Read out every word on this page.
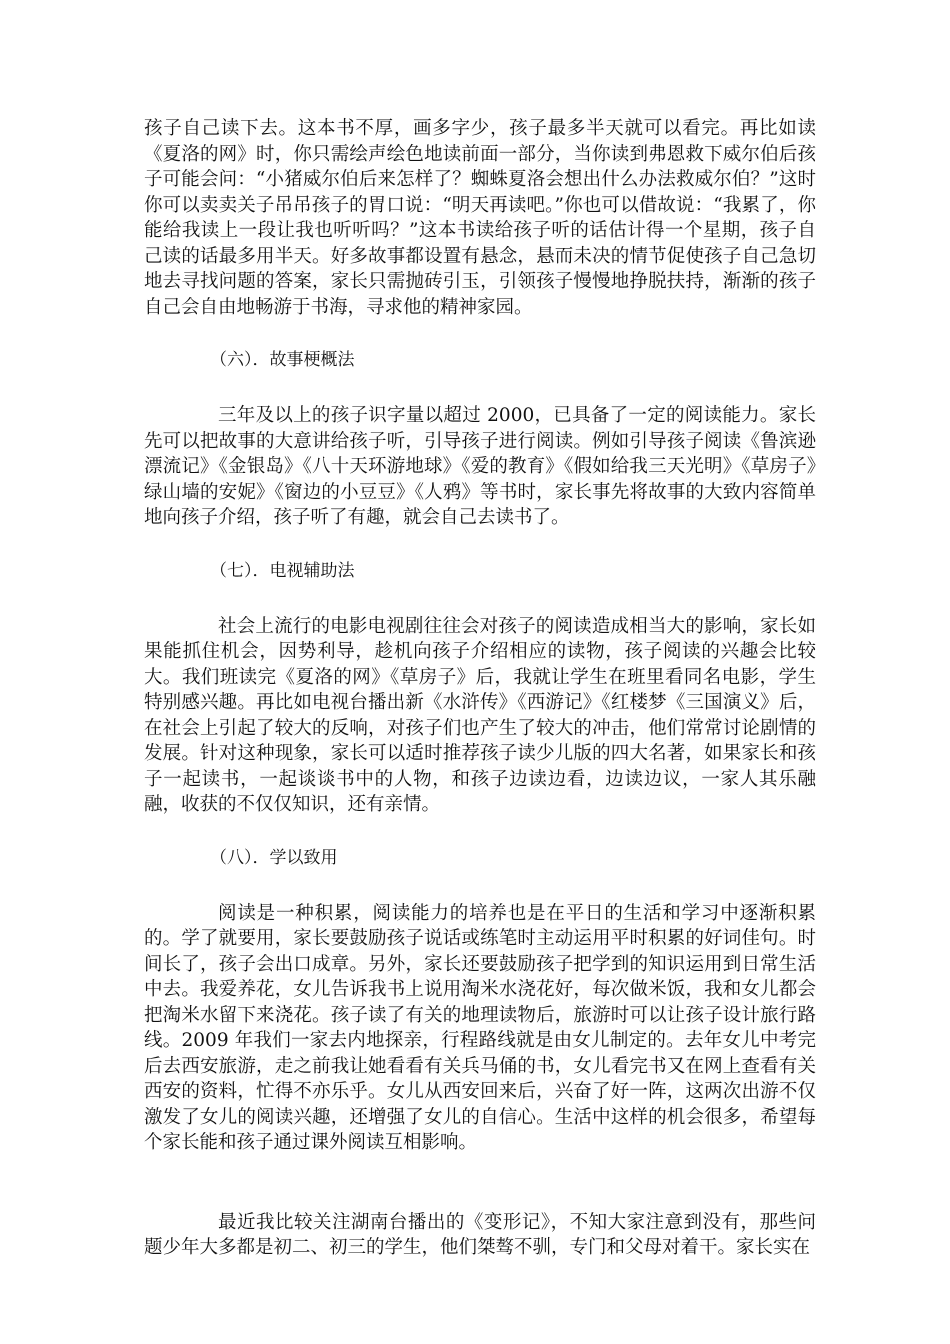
孩子自己读下去。这本书不厚，画多字少，孩子最多半天就可以看完。再比如读《夏洛的网》时，你只需绘声绘色地读前面一部分，当你读到弗恩救下威尔伯后孩子可能会问：“小猪威尔伯后来怎样了？蜘蛛夏洛会想出什么办法救威尔伯？”这时你可以卖卖关子吊吊孩子的胃口说：“明天再读吧。”你也可以借故说：“我累了，你能给我读上一段让我也听听吗？”这本书读给孩子听的话估计得一个星期，孩子自己读的话最多用半天。好多故事都设置有悬念，悬而未决的情节促使孩子自己急切地去寻找问题的答案，家长只需抛砖引玉，引领孩子慢慢地挣脱扶持，渐渐的孩子自己会自由地畅游于书海，寻求他的精神家园。

（六）．故事梗概法

三年及以上的孩子识字量以超过 2000，已具备了一定的阅读能力。家长先可以把故事的大意讲给孩子听，引导孩子进行阅读。例如引导孩子阅读《鲁滨逊漂流记》《金银岛》《八十天环游地球》《爱的教育》《假如给我三天光明》《草房子》绿山墙的安妮》《窗边的小豆豆》《人鸦》等书时，家长事先将故事的大致内容简单地向孩子介绍，孩子听了有趣，就会自己去读书了。

（七）．电视辅助法

社会上流行的电影电视剧往往会对孩子的阅读造成相当大的影响，家长如果能抓住机会，因势利导，趁机向孩子介绍相应的读物，孩子阅读的兴趣会比较大。我们班读完《夏洛的网》《草房子》后，我就让学生在班里看同名电影，学生特别感兴趣。再比如电视台播出新《水浒传》《西游记》《红楼梦《三国演义》后，在社会上引起了较大的反响，对孩子们也产生了较大的冲击，他们常常讨论剧情的发展。针对这种现象，家长可以适时推荐孩子读少儿版的四大名著，如果家长和孩子一起读书，一起谈谈书中的人物，和孩子边读边看，边读边议，一家人其乐融融，收获的不仅仅知识，还有亲情。

（八）．学以致用

阅读是一种积累，阅读能力的培养也是在平日的生活和学习中逐渐积累的。学了就要用，家长要鼓励孩子说话或练笔时主动运用平时积累的好词佳句。时间长了，孩子会出口成章。另外，家长还要鼓励孩子把学到的知识运用到日常生活中去。我爱养花，女儿告诉我书上说用淘米水浇花好，每次做米饭，我和女儿都会把淘米水留下来浇花。孩子读了有关的地理读物后，旅游时可以让孩子设计旅行路线。2009 年我们一家去内地探亲，行程路线就是由女儿制定的。去年女儿中考完后去西安旅游，走之前我让她看看有关兵马俑的书，女儿看完书又在网上查看有关西安的资料，忙得不亦乐乎。女儿从西安回来后，兴奋了好一阵，这两次出游不仅激发了女儿的阅读兴趣，还增强了女儿的自信心。生活中这样的机会很多，希望每个家长能和孩子通过课外阅读互相影响。

最近我比较关注湖南台播出的《变形记》，不知大家注意到没有，那些问题少年大多都是初二、初三的学生，他们桀骜不驯，专门和父母对着干。家长实在
